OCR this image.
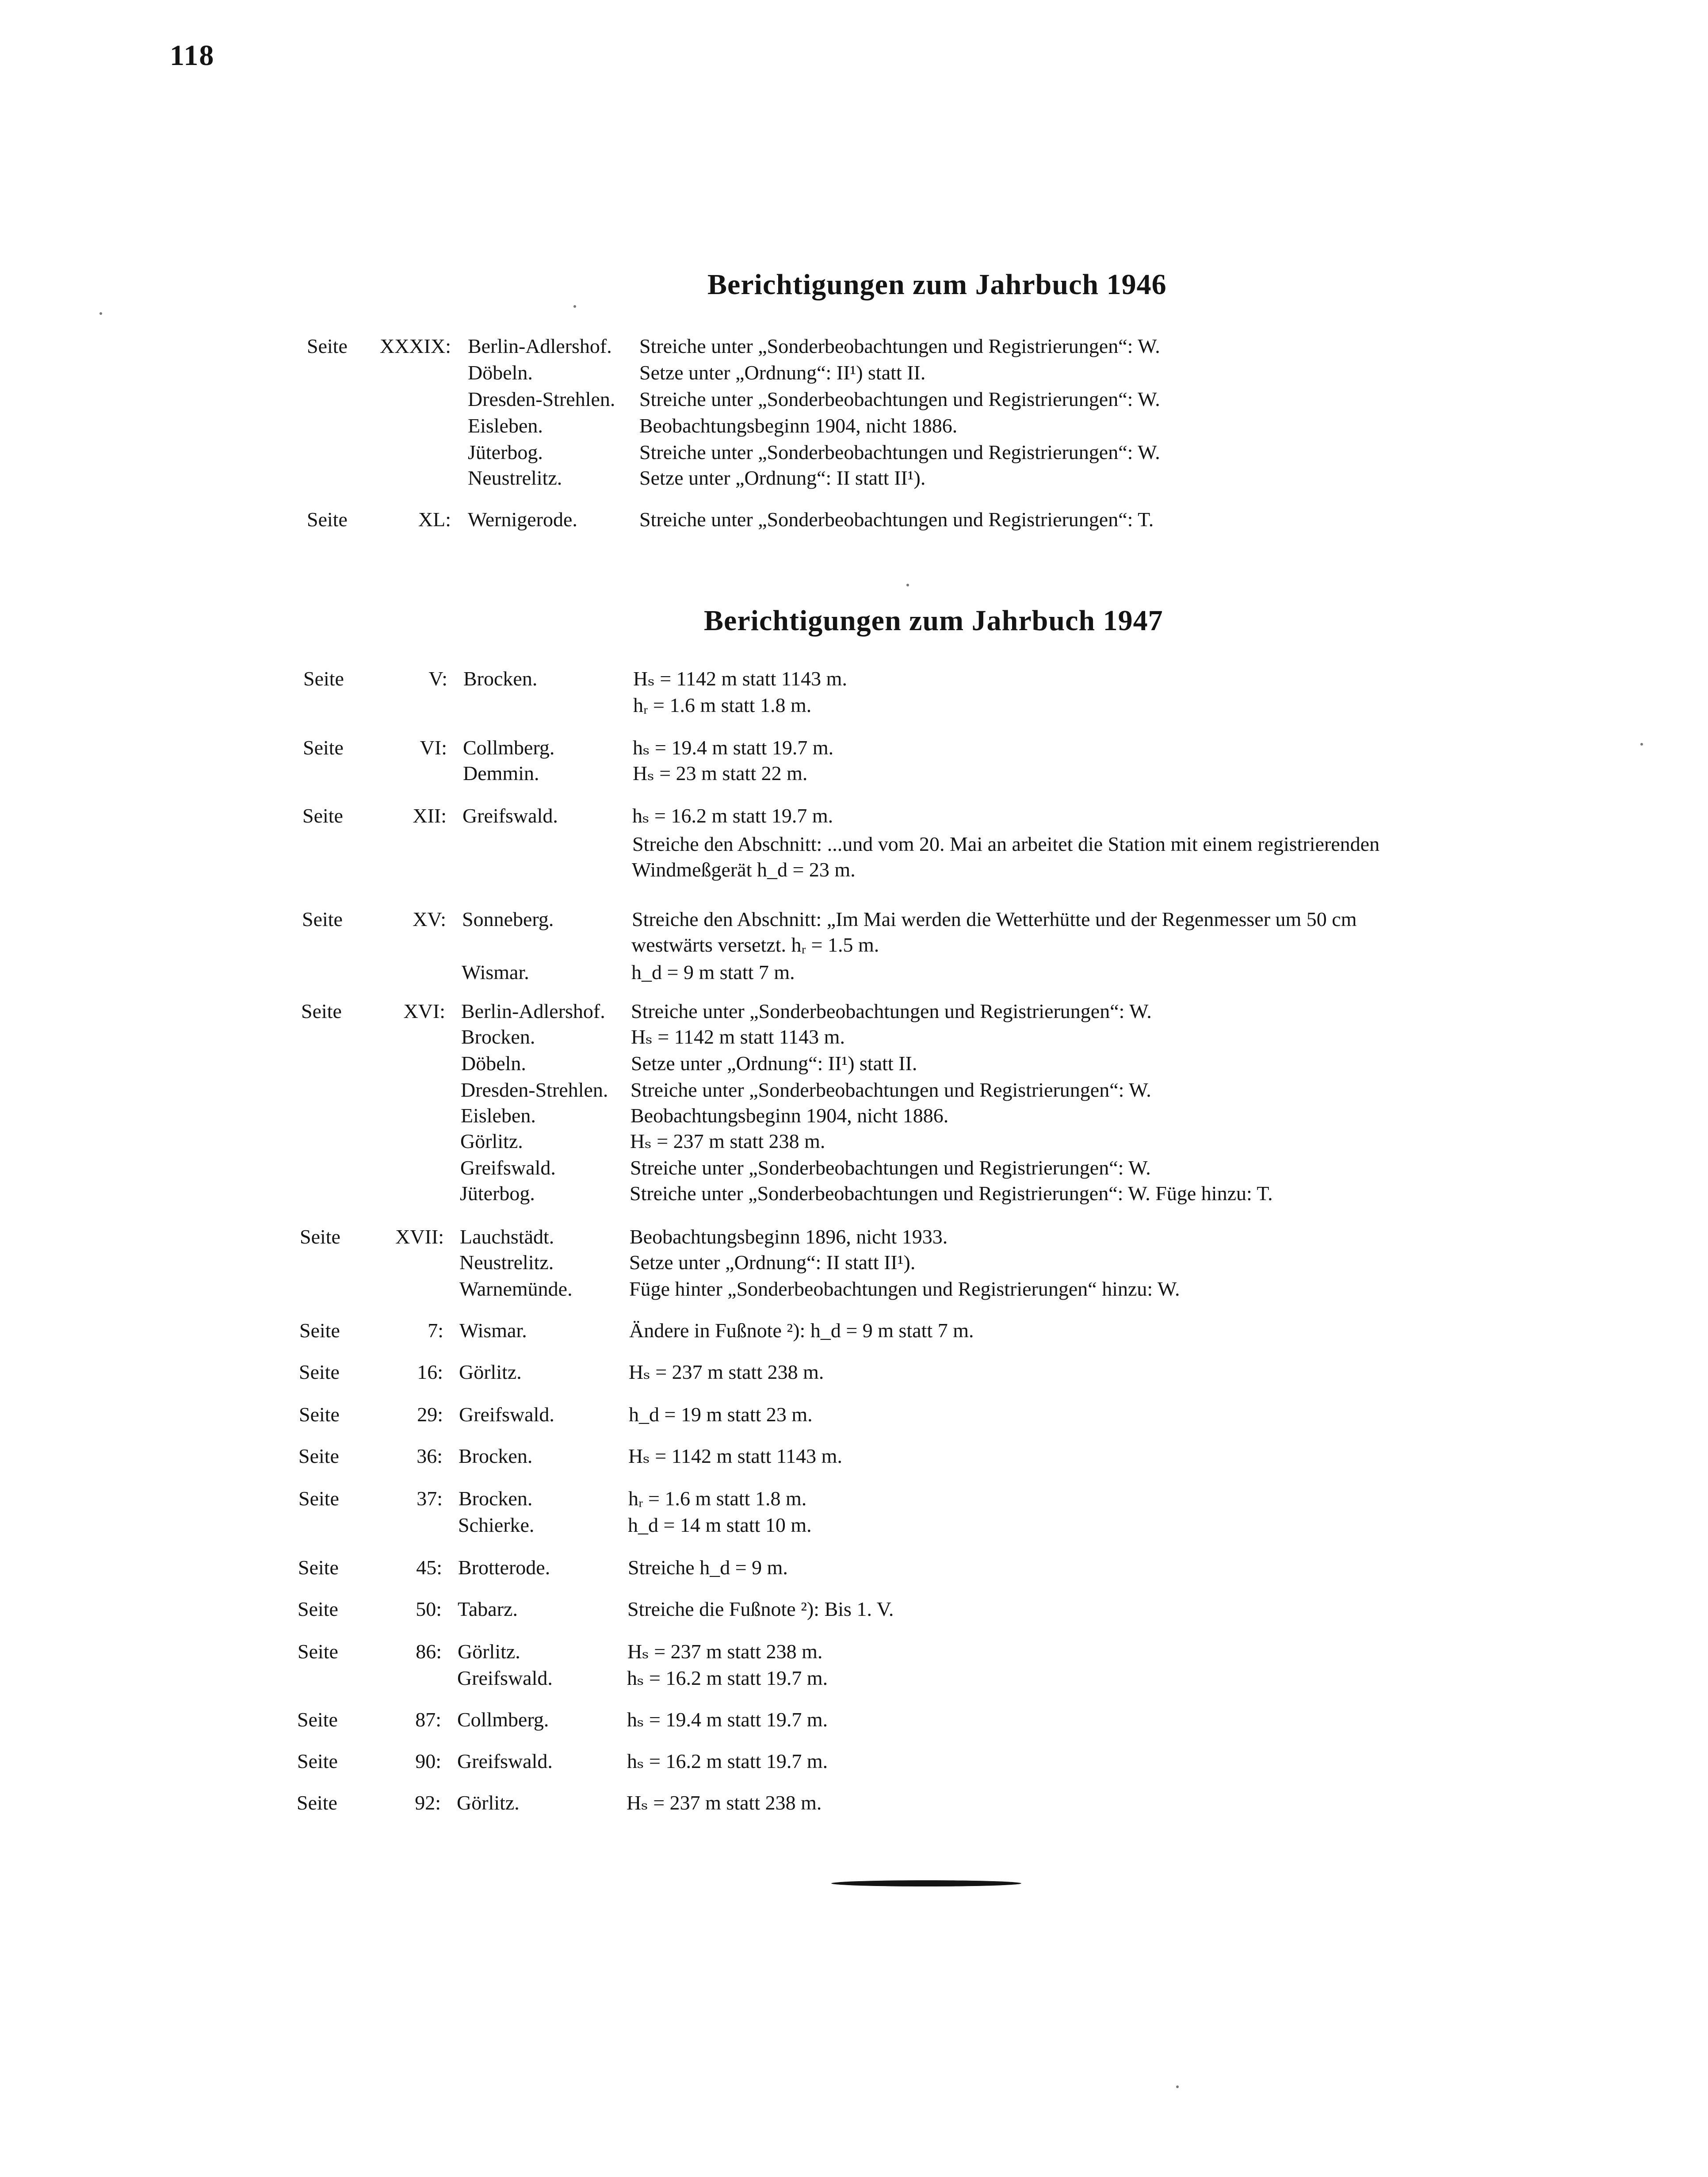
118
Berichtigungen zum Jahrbuch 1946
Berichtigungen zum Jahrbuch 1947
Seite XXXIX: Berlin-Adlershof. Streiche unter „Sonderbeobachtungen und Registrierungen“: W.
Döbeln.	Setze unter „Ordnung“: II¹) statt II.
Dresden-Strehlen. Streiche unter „Sonderbeobachtungen und Registrierungen“: W.
Eisleben.	Beobachtungsbeginn 1904, nicht 1886.
Jüterbog.	Streiche unter „Sonderbeobachtungen und Registrierungen“: W.
Neustrelitz.	Setze unter „Ordnung“: II statt II¹).
Seite	XL: Wernigerode.	Streiche unter „Sonderbeobachtungen und Registrierungen“: T.
Seite	V: Brocken.	Hₛ = 1142 m statt 1143 m.
hᵣ = 1.6 m statt 1.8 m.
Seite	VI: Collmberg.	hₛ = 19.4 m statt 19.7 m.
Demmin.	Hₛ = 23 m statt 22 m.
Seite	XII: Greifswald.	hₛ = 16.2 m statt 19.7 m.
Streiche den Abschnitt: ...und vom 20. Mai an arbeitet die Station mit einem registrierenden
Windmeßgerät h_d = 23 m.
Seite	XV: Sonneberg.	Streiche den Abschnitt: „Im Mai werden die Wetterhütte und der Regenmesser um 50 cm
westwärts versetzt. hᵣ = 1.5 m.
Wismar.	h_d = 9 m statt 7 m.
Seite	XVI: Berlin-Adlershof. Streiche unter „Sonderbeobachtungen und Registrierungen“: W.
Brocken.	Hₛ = 1142 m statt 1143 m.
Döbeln.	Setze unter „Ordnung“: II¹) statt II.
Dresden-Strehlen. Streiche unter „Sonderbeobachtungen und Registrierungen“: W.
Eisleben.	Beobachtungsbeginn 1904, nicht 1886.
Görlitz.	Hₛ = 237 m statt 238 m.
Greifswald.	Streiche unter „Sonderbeobachtungen und Registrierungen“: W.
Jüterbog.	Streiche unter „Sonderbeobachtungen und Registrierungen“: W. Füge hinzu: T.
Seite	XVII: Lauchstädt.	Beobachtungsbeginn 1896, nicht 1933.
Neustrelitz.	Setze unter „Ordnung“: II statt II¹).
Warnemünde.	Füge hinter „Sonderbeobachtungen und Registrierungen“ hinzu: W.
Seite	7: Wismar.	Ändere in Fußnote ²): h_d = 9 m statt 7 m.
Seite	16: Görlitz.	Hₛ = 237 m statt 238 m.
Seite	29: Greifswald.	h_d = 19 m statt 23 m.
Seite	36: Brocken.	Hₛ = 1142 m statt 1143 m.
Seite	37: Brocken.	hᵣ = 1.6 m statt 1.8 m.
Schierke.	h_d = 14 m statt 10 m.
Seite	45: Brotterode.	Streiche h_d = 9 m.
Seite	50: Tabarz.	Streiche die Fußnote ²): Bis 1. V.
Seite	86: Görlitz.	Hₛ = 237 m statt 238 m.
Greifswald.	hₛ = 16.2 m statt 19.7 m.
Seite	87: Collmberg.	hₛ = 19.4 m statt 19.7 m.
Seite	90: Greifswald.	hₛ = 16.2 m statt 19.7 m.
Seite	92: Görlitz.	Hₛ = 237 m statt 238 m.
